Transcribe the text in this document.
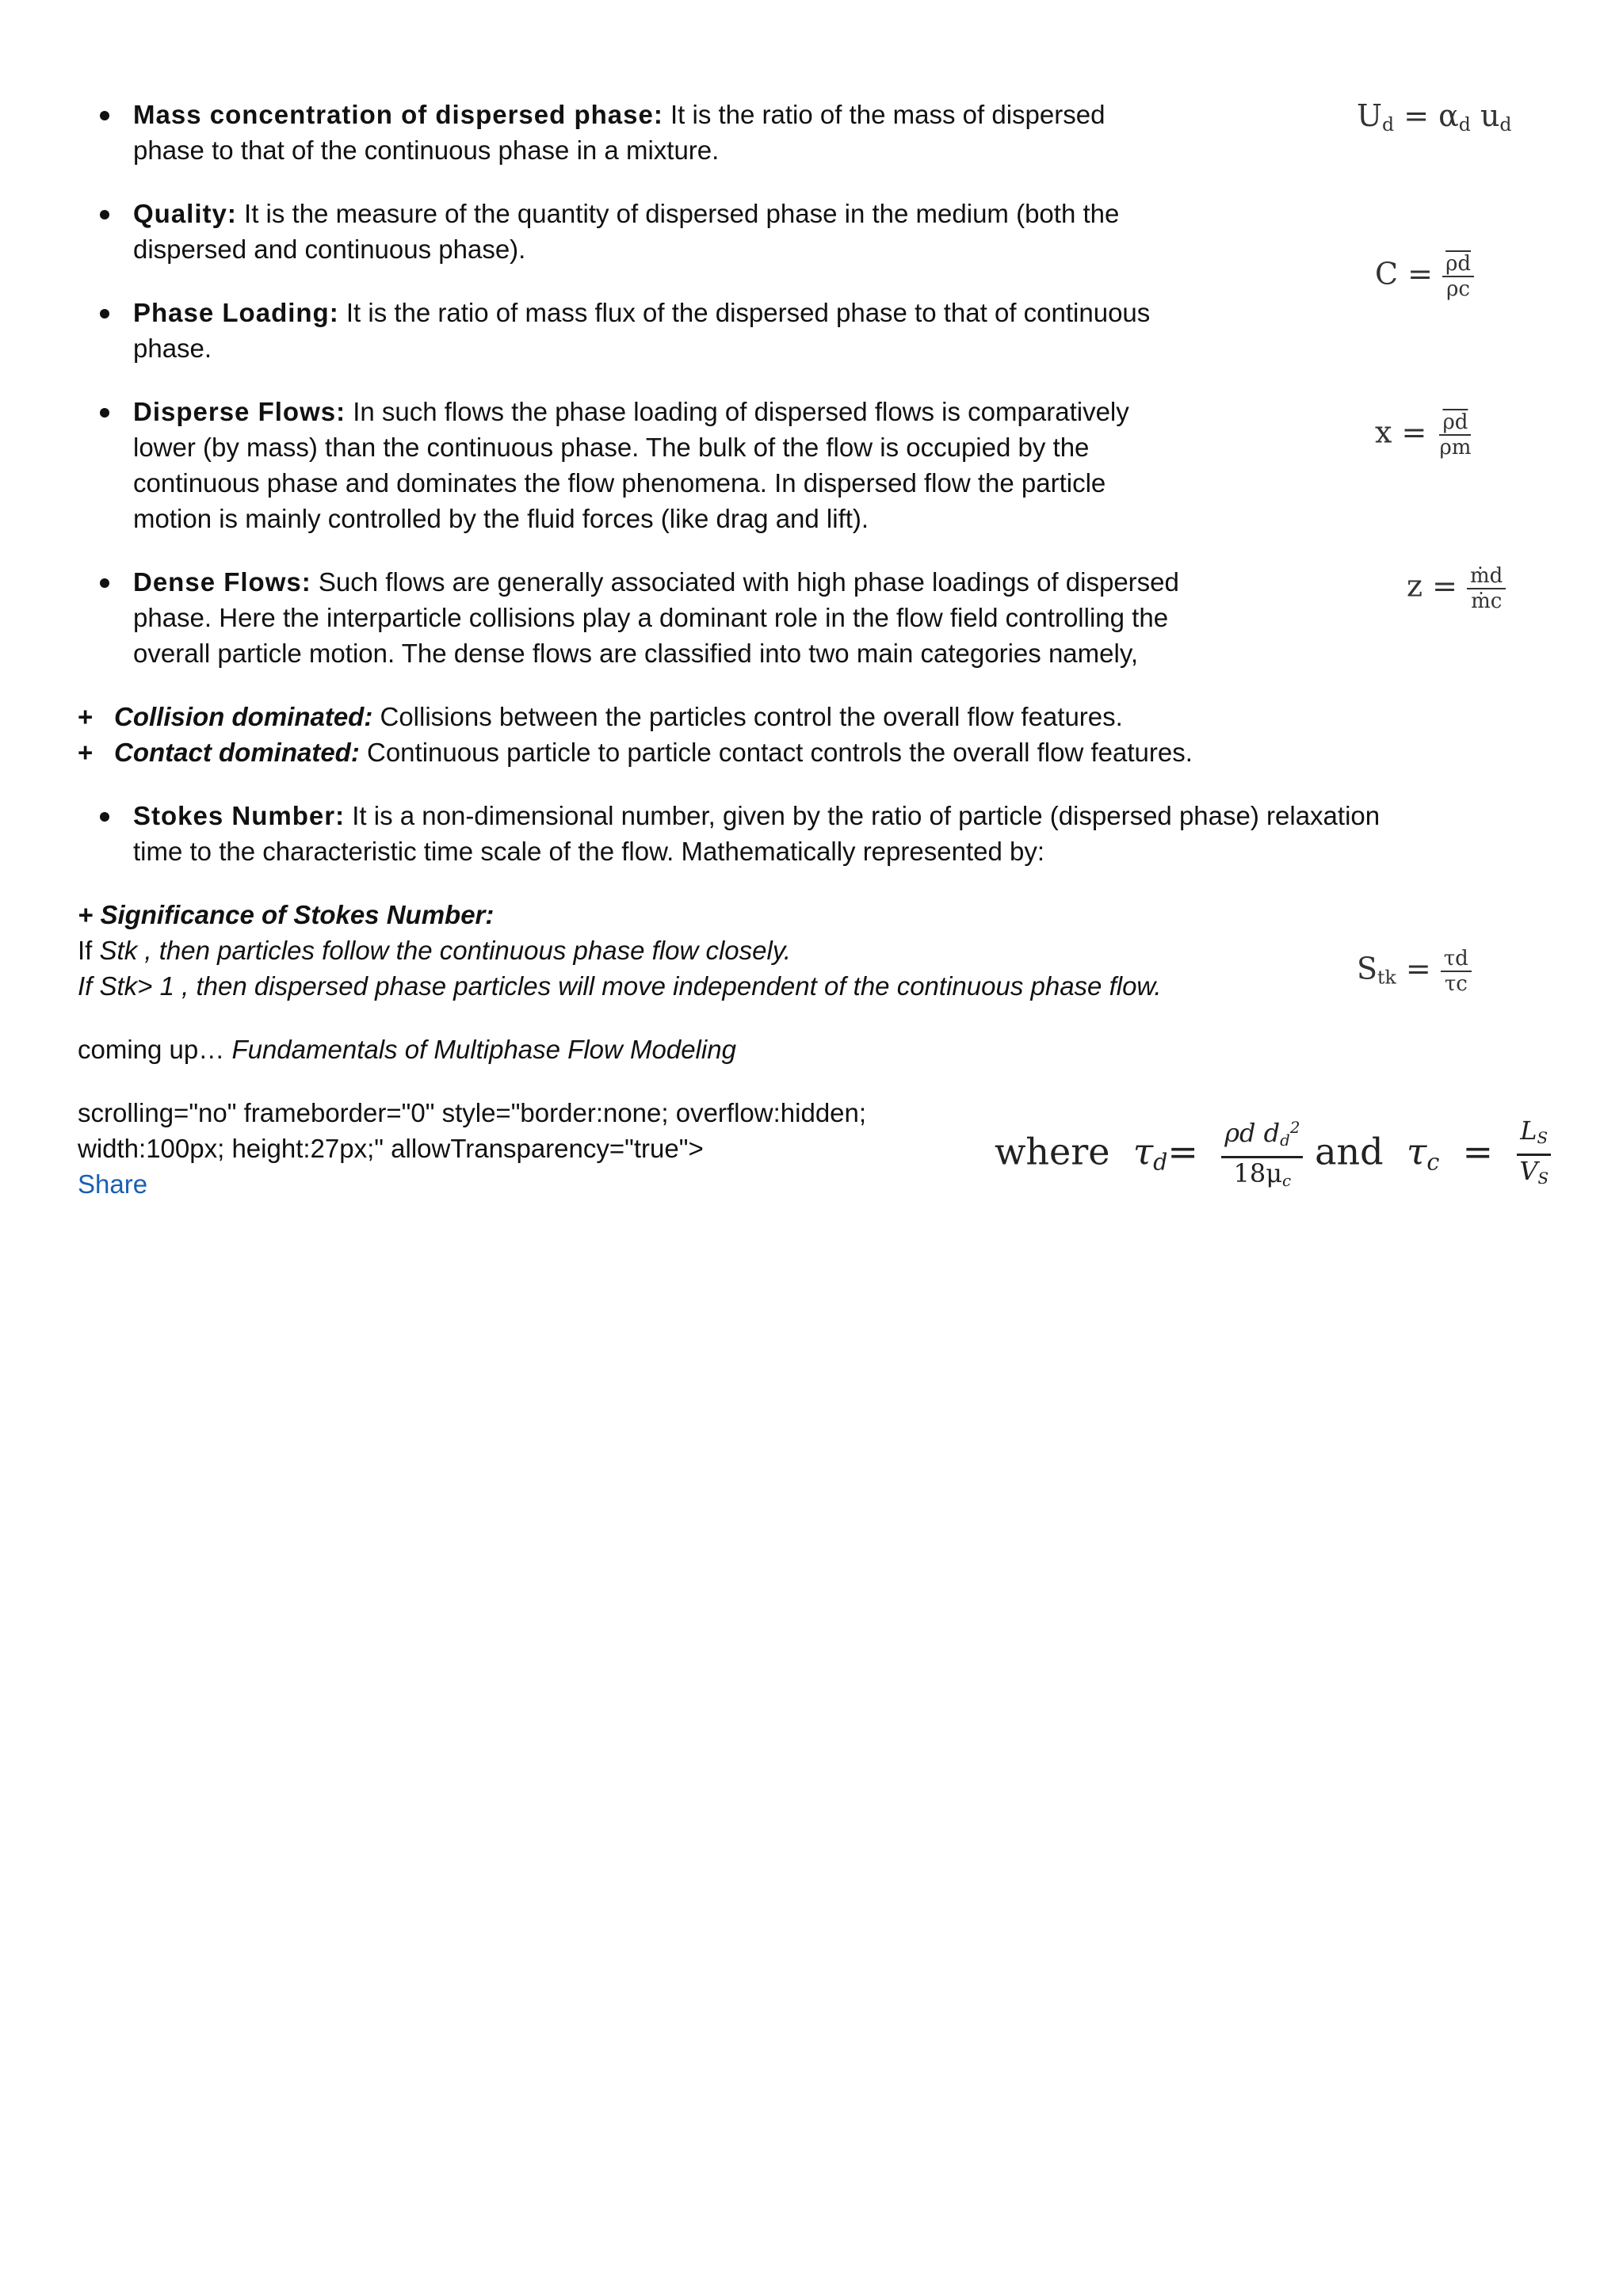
Mass concentration of dispersed phase: It is the ratio of the mass of dispersed
phase to that of the continuous phase in a mixture.
Quality: It is the measure of the quantity of dispersed phase in the medium (both the
dispersed and continuous phase).
Phase Loading: It is the ratio of mass flux of the dispersed phase to that of continuous
phase.
Disperse Flows: In such flows the phase loading of dispersed flows is comparatively
lower (by mass) than the continuous phase. The bulk of the flow is occupied by the
continuous phase and dominates the flow phenomena. In dispersed flow the particle
motion is mainly controlled by the fluid forces (like drag and lift).
Dense Flows: Such flows are generally associated with high phase loadings of dispersed
phase. Here the interparticle collisions play a dominant role in the flow field controlling the
overall particle motion. The dense flows are classified into two main categories namely,
+ Collision dominated: Collisions between the particles control the overall flow features.
+ Contact dominated: Continuous particle to particle contact controls the overall flow features.
Stokes Number: It is a non-dimensional number, given by the ratio of particle (dispersed phase) relaxation
time to the characteristic time scale of the flow. Mathematically represented by:
+ Significance of Stokes Number:
If Stk , then particles follow the continuous phase flow closely.
If Stk> 1 , then dispersed phase particles will move independent of the continuous phase flow.
coming up… Fundamentals of Multiphase Flow Modeling
scrolling="no" frameborder="0" style="border:none; overflow:hidden;
width:100px; height:27px;" allowTransparency="true">
Share
$U_d = \alpha_d$ $u_d$
$C = \frac{\overline{\rho d}}{\rho c}$
$x = \frac{\overline{\rho d}}{\rho m}$
$z = \frac{\text{ṁd}}{\text{ṁc}}$
$S_{tk} = \frac{\tau d}{\tau c}$
where $\tau_d= \frac{\rho d d_d^2}{18\mu_c}$ and $\tau_c = \frac{L_S}{V_S}$
